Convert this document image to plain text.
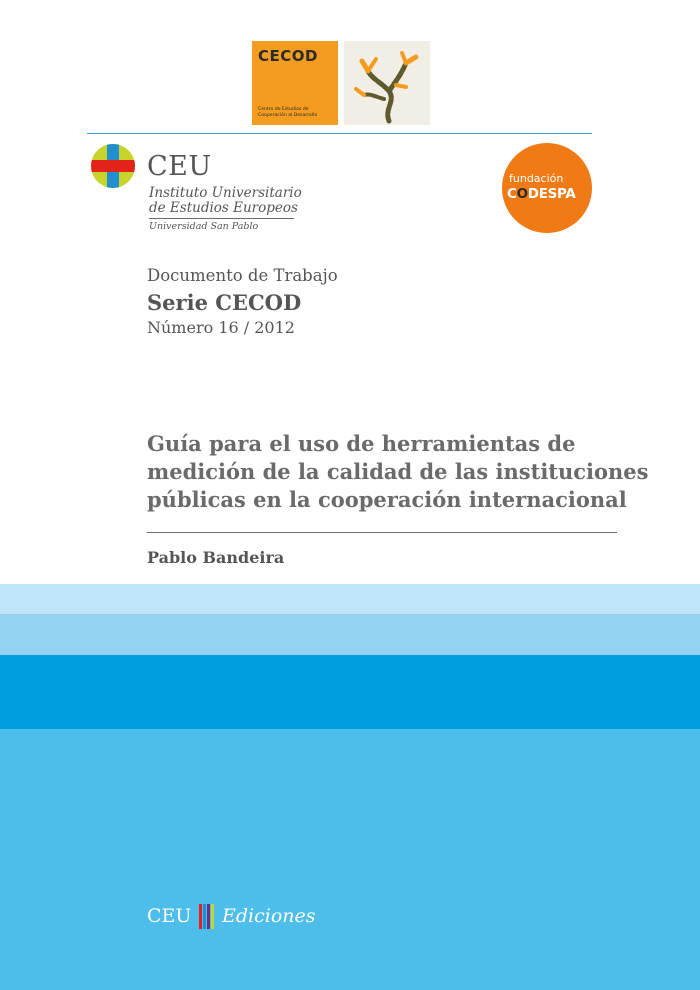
CECOD
Centro de Estudios de
Cooperación al Desarrollo
CEU
Instituto Universitario
de Estudios Europeos
Universidad San Pablo
fundación
CODESPA
Documento de Trabajo
Serie CECOD
Número 16 / 2012
Guía para el uso de herramientas de
medición de la calidad de las instituciones
públicas en la cooperación internacional
Pablo Bandeira
CEU Ediciones
